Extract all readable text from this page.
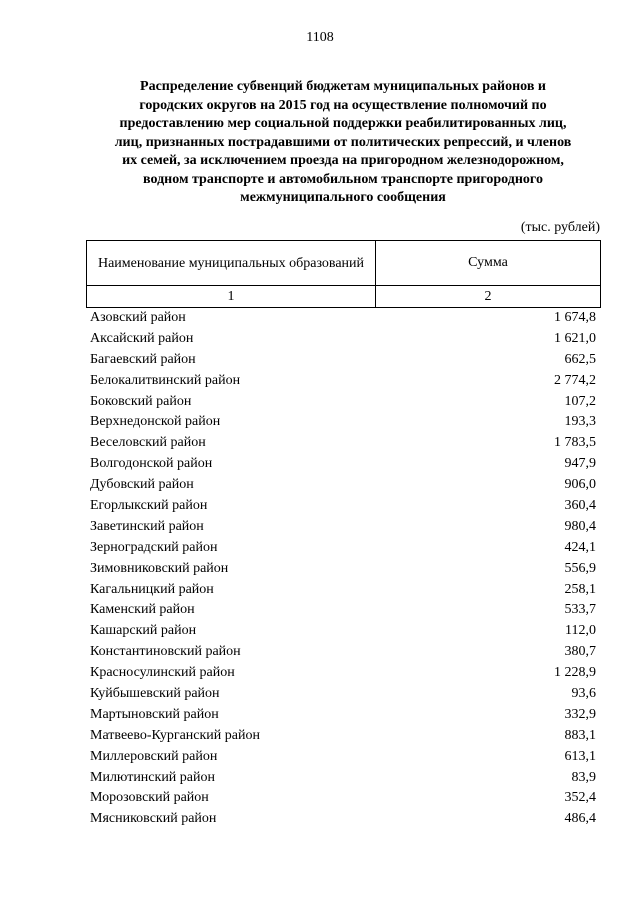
1108
Распределение субвенций бюджетам муниципальных районов и
городских округов на 2015 год на осуществление полномочий по
предоставлению мер социальной поддержки реабилитированных лиц,
лиц, признанных пострадавшими от политических репрессий, и членов
их семей, за исключением проезда на пригородном железнодорожном,
водном транспорте и автомобильном транспорте пригородного
межмуниципального сообщения
(тыс. рублей)
Наименование муниципальных образований	Сумма
1	2
Азовский район	1 674,8
Аксайский район	1 621,0
Багаевский район	662,5
Белокалитвинский район	2 774,2
Боковский район	107,2
Верхнедонской район	193,3
Веселовский район	1 783,5
Волгодонской район	947,9
Дубовский район	906,0
Егорлыкский район	360,4
Заветинский район	980,4
Зерноградский район	424,1
Зимовниковский район	556,9
Кагальницкий район	258,1
Каменский район	533,7
Кашарский район	112,0
Константиновский район	380,7
Красносулинский район	1 228,9
Куйбышевский район	93,6
Мартыновский район	332,9
Матвеево-Курганский район	883,1
Миллеровский район	613,1
Милютинский район	83,9
Морозовский район	352,4
Мясниковский район	486,4
